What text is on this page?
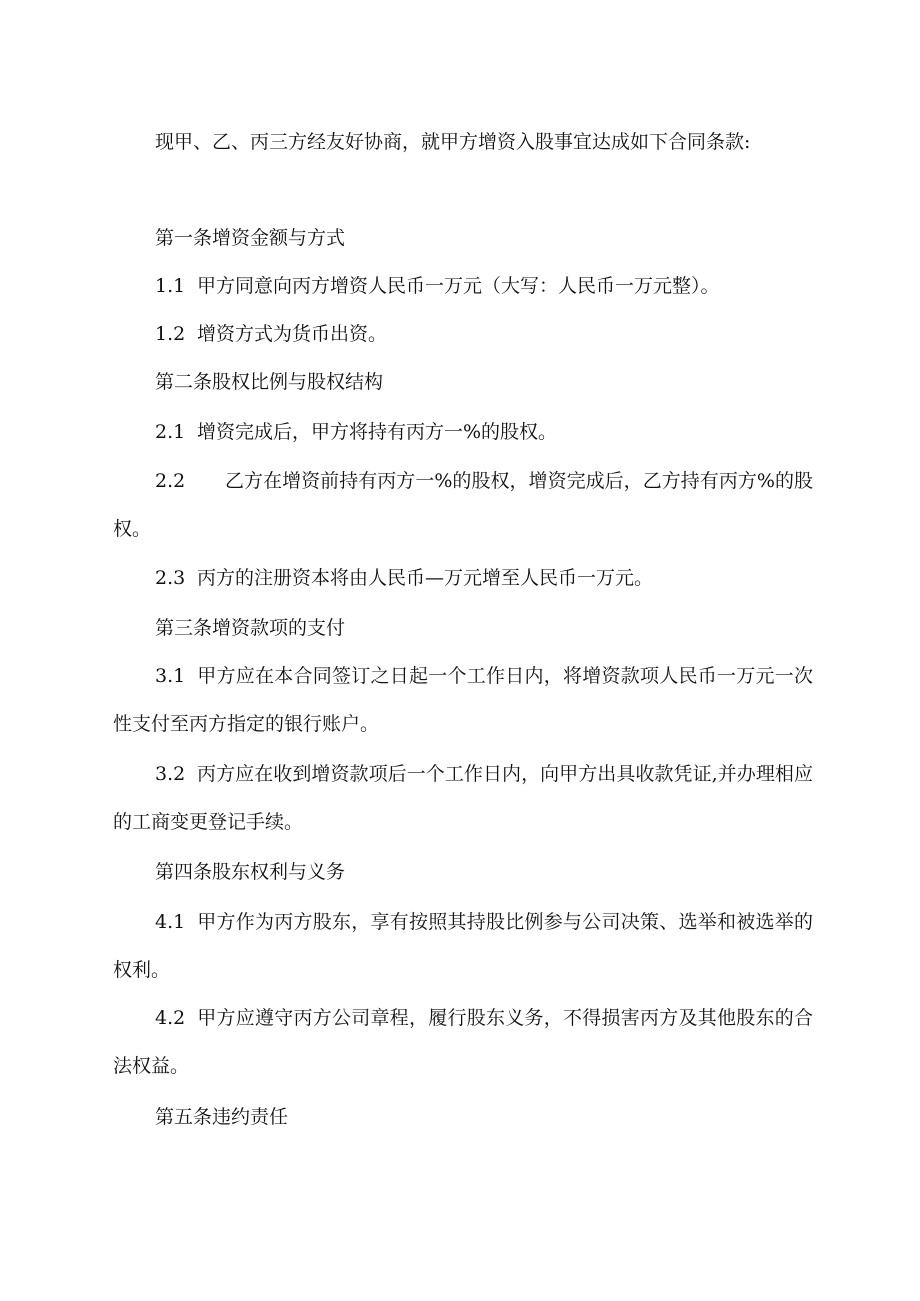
现甲、乙、丙三方经友好协商，就甲方增资入股事宜达成如下合同条款:

第一条增资金额与方式

1.1 甲方同意向丙方增资人民币一万元（大写：人民币一万元整）。

1.2 增资方式为货币出资。

第二条股权比例与股权结构

2.1 增资完成后，甲方将持有丙方一%的股权。

2.2 乙方在增资前持有丙方一%的股权，增资完成后，乙方持有丙方%的股权。

2.3 丙方的注册资本将由人民币—万元增至人民币一万元。

第三条增资款项的支付

3.1 甲方应在本合同签订之日起一个工作日内，将增资款项人民币一万元一次性支付至丙方指定的银行账户。

3.2 丙方应在收到增资款项后一个工作日内，向甲方出具收款凭证,并办理相应的工商变更登记手续。

第四条股东权利与义务

4.1 甲方作为丙方股东，享有按照其持股比例参与公司决策、选举和被选举的权利。

4.2 甲方应遵守丙方公司章程，履行股东义务，不得损害丙方及其他股东的合法权益。

第五条违约责任
